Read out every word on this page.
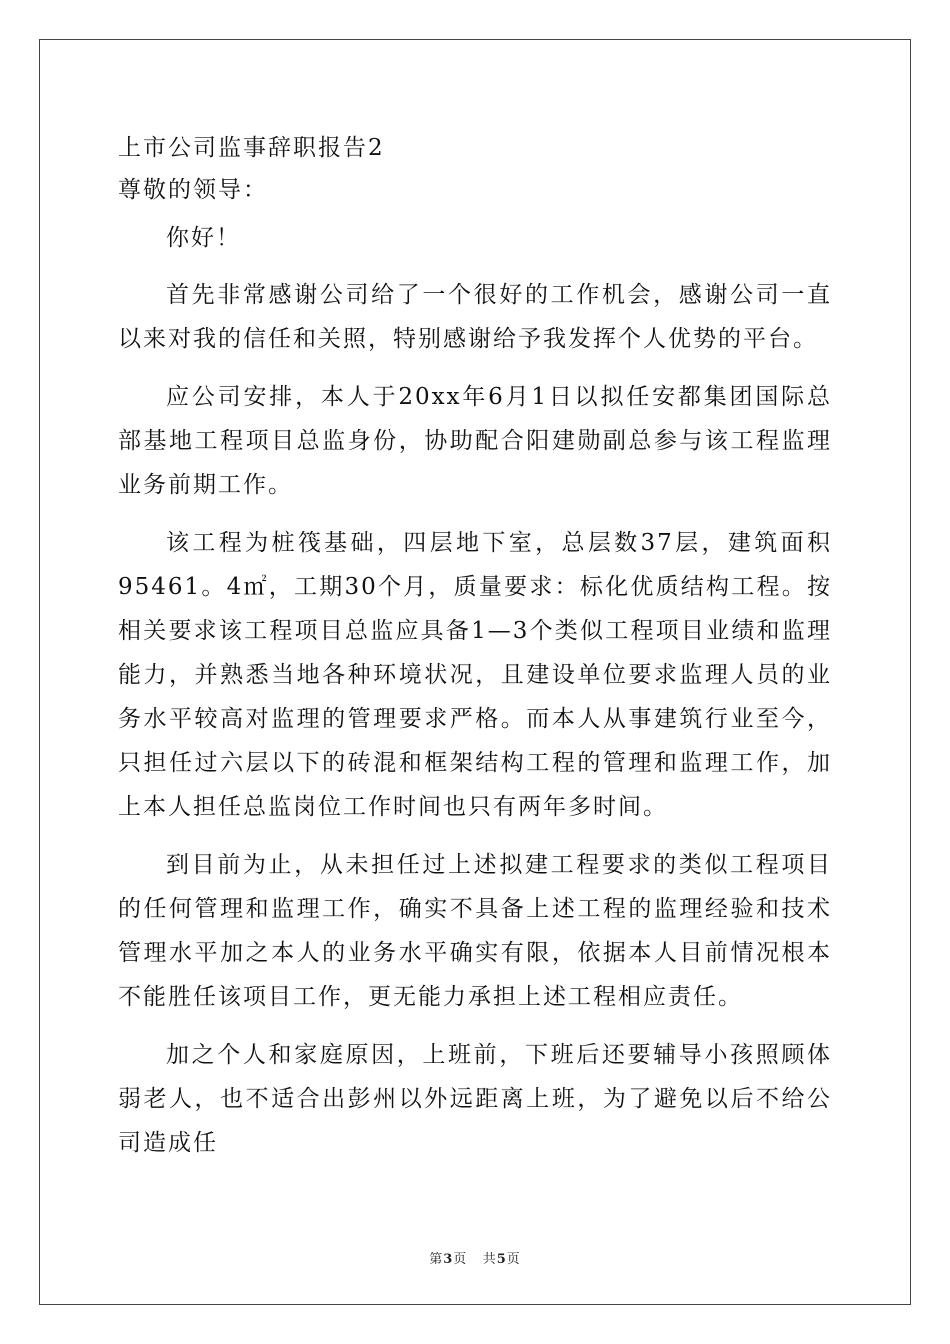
上市公司监事辞职报告2

尊敬的领导：

你好！

首先非常感谢公司给了一个很好的工作机会，感谢公司一直以来对我的信任和关照，特别感谢给予我发挥个人优势的平台。

应公司安排，本人于20xx年6月1日以拟任安都集团国际总部基地工程项目总监身份，协助配合阳建勋副总参与该工程监理业务前期工作。

该工程为桩筏基础，四层地下室，总层数37层，建筑面积95461。4㎡，工期30个月，质量要求：标化优质结构工程。按相关要求该工程项目总监应具备1—3个类似工程项目业绩和监理能力，并熟悉当地各种环境状况，且建设单位要求监理人员的业务水平较高对监理的管理要求严格。而本人从事建筑行业至今，只担任过六层以下的砖混和框架结构工程的管理和监理工作，加上本人担任总监岗位工作时间也只有两年多时间。

到目前为止，从未担任过上述拟建工程要求的类似工程项目的任何管理和监理工作，确实不具备上述工程的监理经验和技术管理水平加之本人的业务水平确实有限，依据本人目前情况根本不能胜任该项目工作，更无能力承担上述工程相应责任。

加之个人和家庭原因，上班前，下班后还要辅导小孩照顾体弱老人，也不适合出彭州以外远距离上班，为了避免以后不给公司造成任

第3页 共5页
